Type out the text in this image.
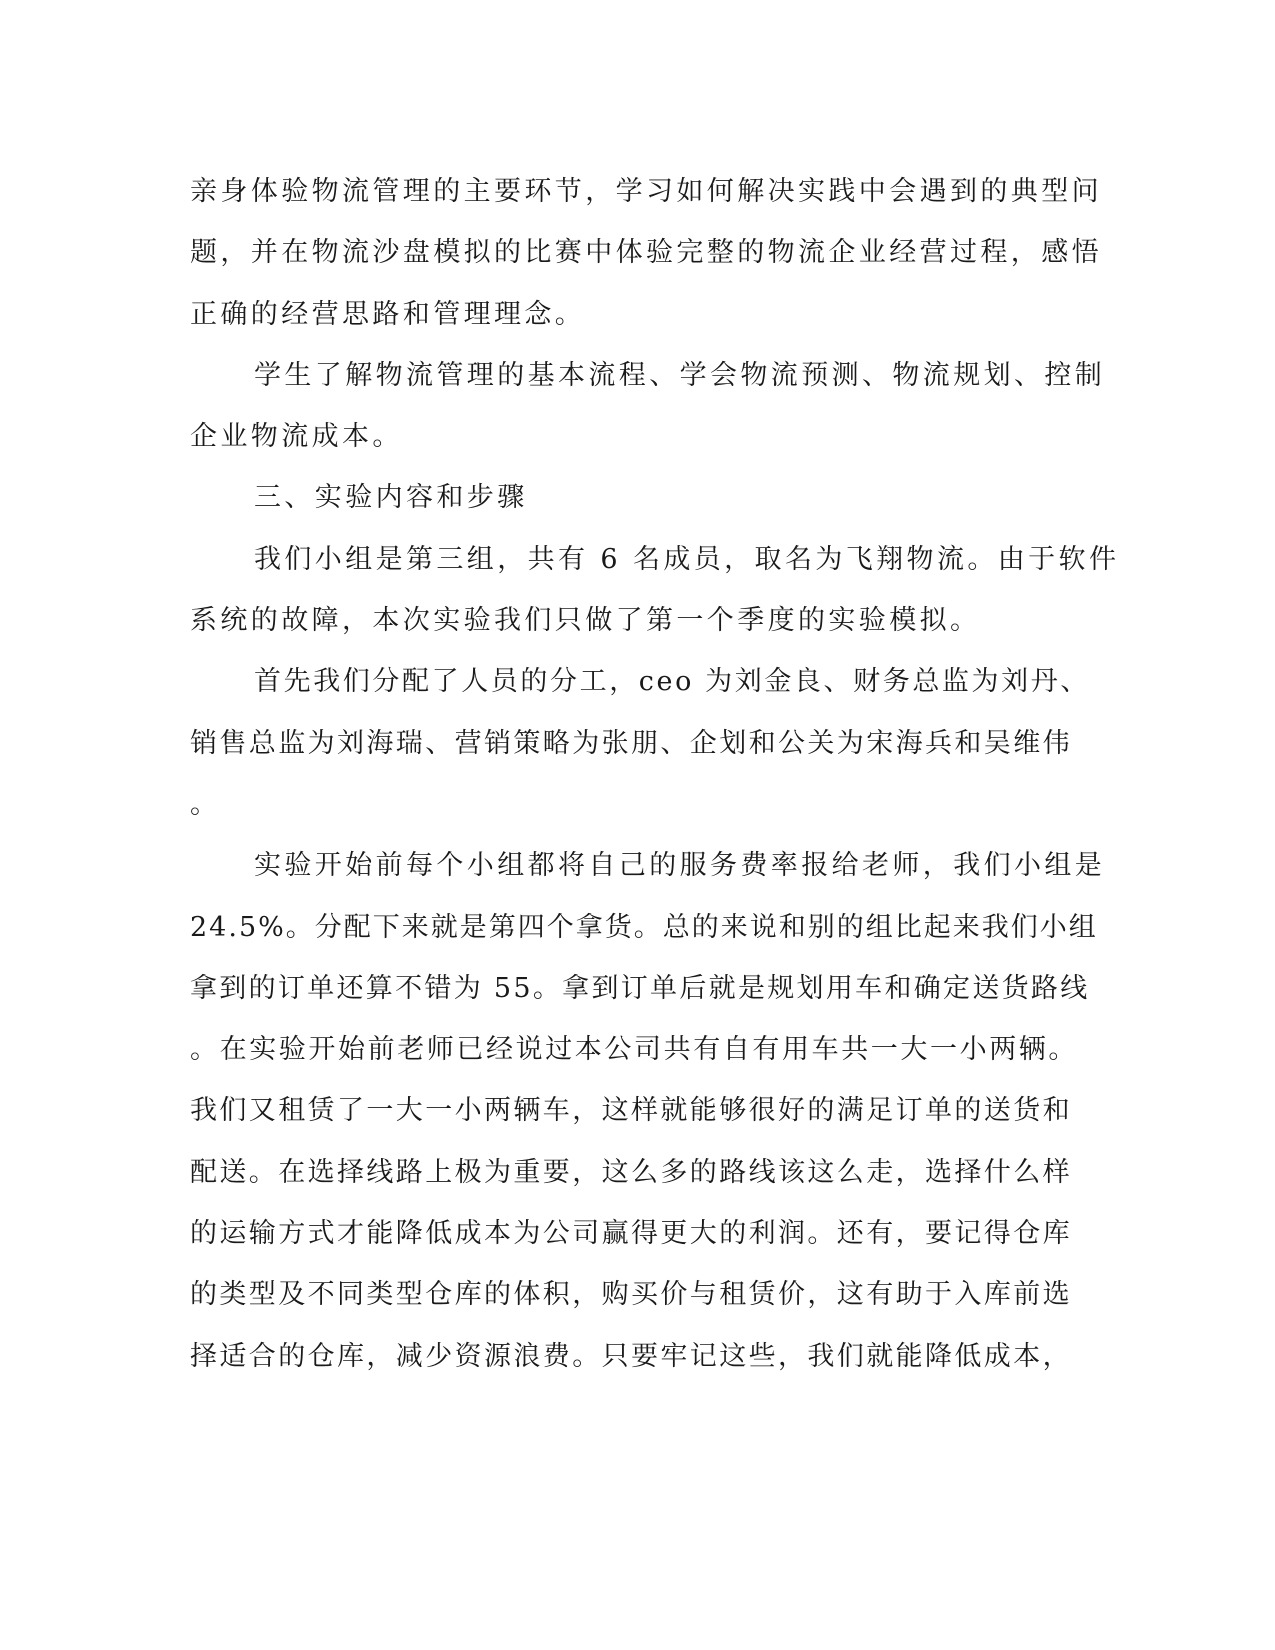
亲身体验物流管理的主要环节，学习如何解决实践中会遇到的典型问
题，并在物流沙盘模拟的比赛中体验完整的物流企业经营过程，感悟
正确的经营思路和管理理念。
学生了解物流管理的基本流程、学会物流预测、物流规划、控制
企业物流成本。
三、实验内容和步骤
我们小组是第三组，共有 6 名成员，取名为飞翔物流。由于软件
系统的故障，本次实验我们只做了第一个季度的实验模拟。
首先我们分配了人员的分工，ceo 为刘金良、财务总监为刘丹、
销售总监为刘海瑞、营销策略为张朋、企划和公关为宋海兵和吴维伟
。
实验开始前每个小组都将自己的服务费率报给老师，我们小组是
24.5%。分配下来就是第四个拿货。总的来说和别的组比起来我们小组
拿到的订单还算不错为 55。拿到订单后就是规划用车和确定送货路线
。在实验开始前老师已经说过本公司共有自有用车共一大一小两辆。
我们又租赁了一大一小两辆车，这样就能够很好的满足订单的送货和
配送。在选择线路上极为重要，这么多的路线该这么走，选择什么样
的运输方式才能降低成本为公司赢得更大的利润。还有，要记得仓库
的类型及不同类型仓库的体积，购买价与租赁价，这有助于入库前选
择适合的仓库，减少资源浪费。只要牢记这些，我们就能降低成本，
